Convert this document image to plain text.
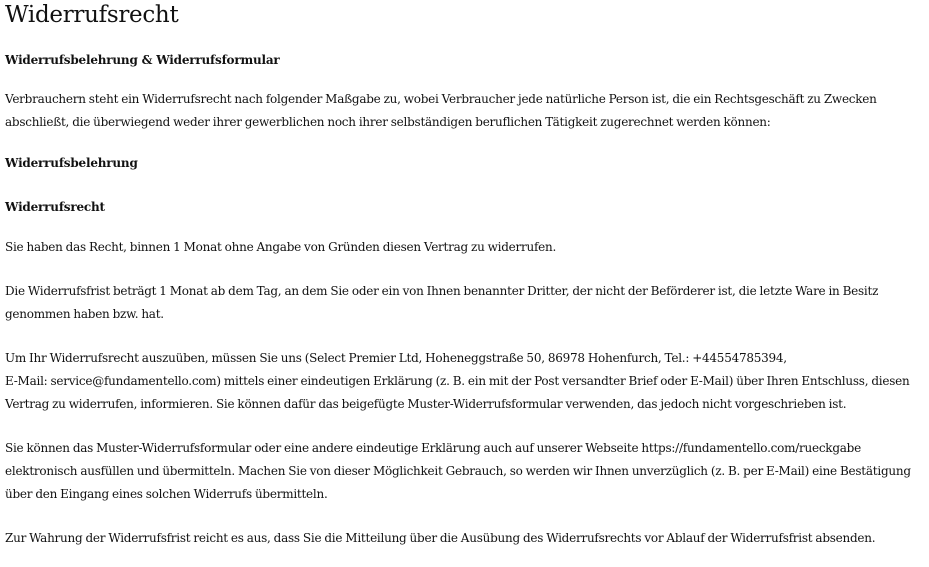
Widerrufsrecht
Widerrufsbelehrung & Widerrufsformular

Verbrauchern steht ein Widerrufsrecht nach folgender Maßgabe zu, wobei Verbraucher jede natürliche Person ist, die ein Rechtsgeschäft zu Zwecken abschließt, die überwiegend weder ihrer gewerblichen noch ihrer selbständigen beruflichen Tätigkeit zugerechnet werden können:

Widerrufsbelehrung
Widerrufsrecht

Sie haben das Recht, binnen 1 Monat ohne Angabe von Gründen diesen Vertrag zu widerrufen.

Die Widerrufsfrist beträgt 1 Monat ab dem Tag, an dem Sie oder ein von Ihnen benannter Dritter, der nicht der Beförderer ist, die letzte Ware in Besitz genommen haben bzw. hat.

Um Ihr Widerrufsrecht auszuüben, müssen Sie uns (Select Premier Ltd, Hoheneggstraße 50, 86978 Hohenfurch, Tel.: +44554785394,
E-Mail: service@fundamentello.com) mittels einer eindeutigen Erklärung (z. B. ein mit der Post versandter Brief oder E-Mail) über Ihren Entschluss, diesen Vertrag zu widerrufen, informieren. Sie können dafür das beigefügte Muster-Widerrufsformular verwenden, das jedoch nicht vorgeschrieben ist.

Sie können das Muster-Widerrufsformular oder eine andere eindeutige Erklärung auch auf unserer Webseite https://fundamentello.com/rueckgabe elektronisch ausfüllen und übermitteln. Machen Sie von dieser Möglichkeit Gebrauch, so werden wir Ihnen unverzüglich (z. B. per E-Mail) eine Bestätigung über den Eingang eines solchen Widerrufs übermitteln.

Zur Wahrung der Widerrufsfrist reicht es aus, dass Sie die Mitteilung über die Ausübung des Widerrufsrechts vor Ablauf der Widerrufsfrist absenden.
